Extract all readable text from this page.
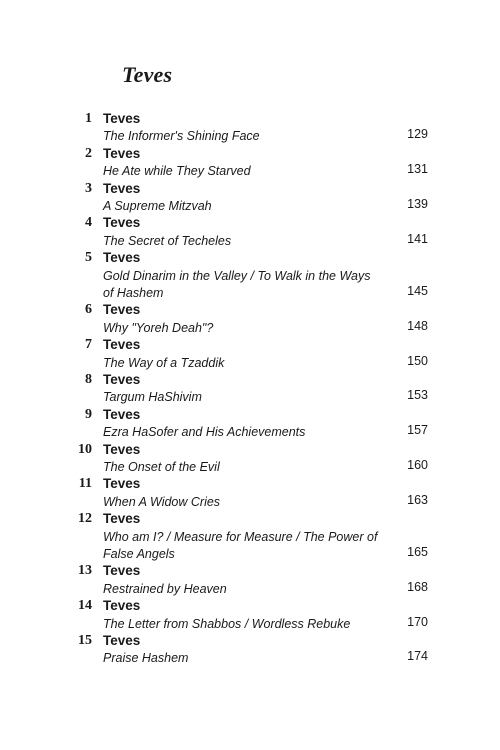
Teves
1 Teves
The Informer's Shining Face	129
2 Teves
He Ate while They Starved	131
3 Teves
A Supreme Mitzvah	139
4 Teves
The Secret of Techeles	141
5 Teves
Gold Dinarim in the Valley / To Walk in the Ways
of Hashem	145
6 Teves
Why "Yoreh Deah"?	148
7 Teves
The Way of a Tzaddik	150
8 Teves
Targum HaShivim	153
9 Teves
Ezra HaSofer and His Achievements	157
10 Teves
The Onset of the Evil	160
11 Teves
When A Widow Cries	163
12 Teves
Who am I? / Measure for Measure / The Power of
False Angels	165
13 Teves
Restrained by Heaven	168
14 Teves
The Letter from Shabbos / Wordless Rebuke	170
15 Teves
Praise Hashem	174
